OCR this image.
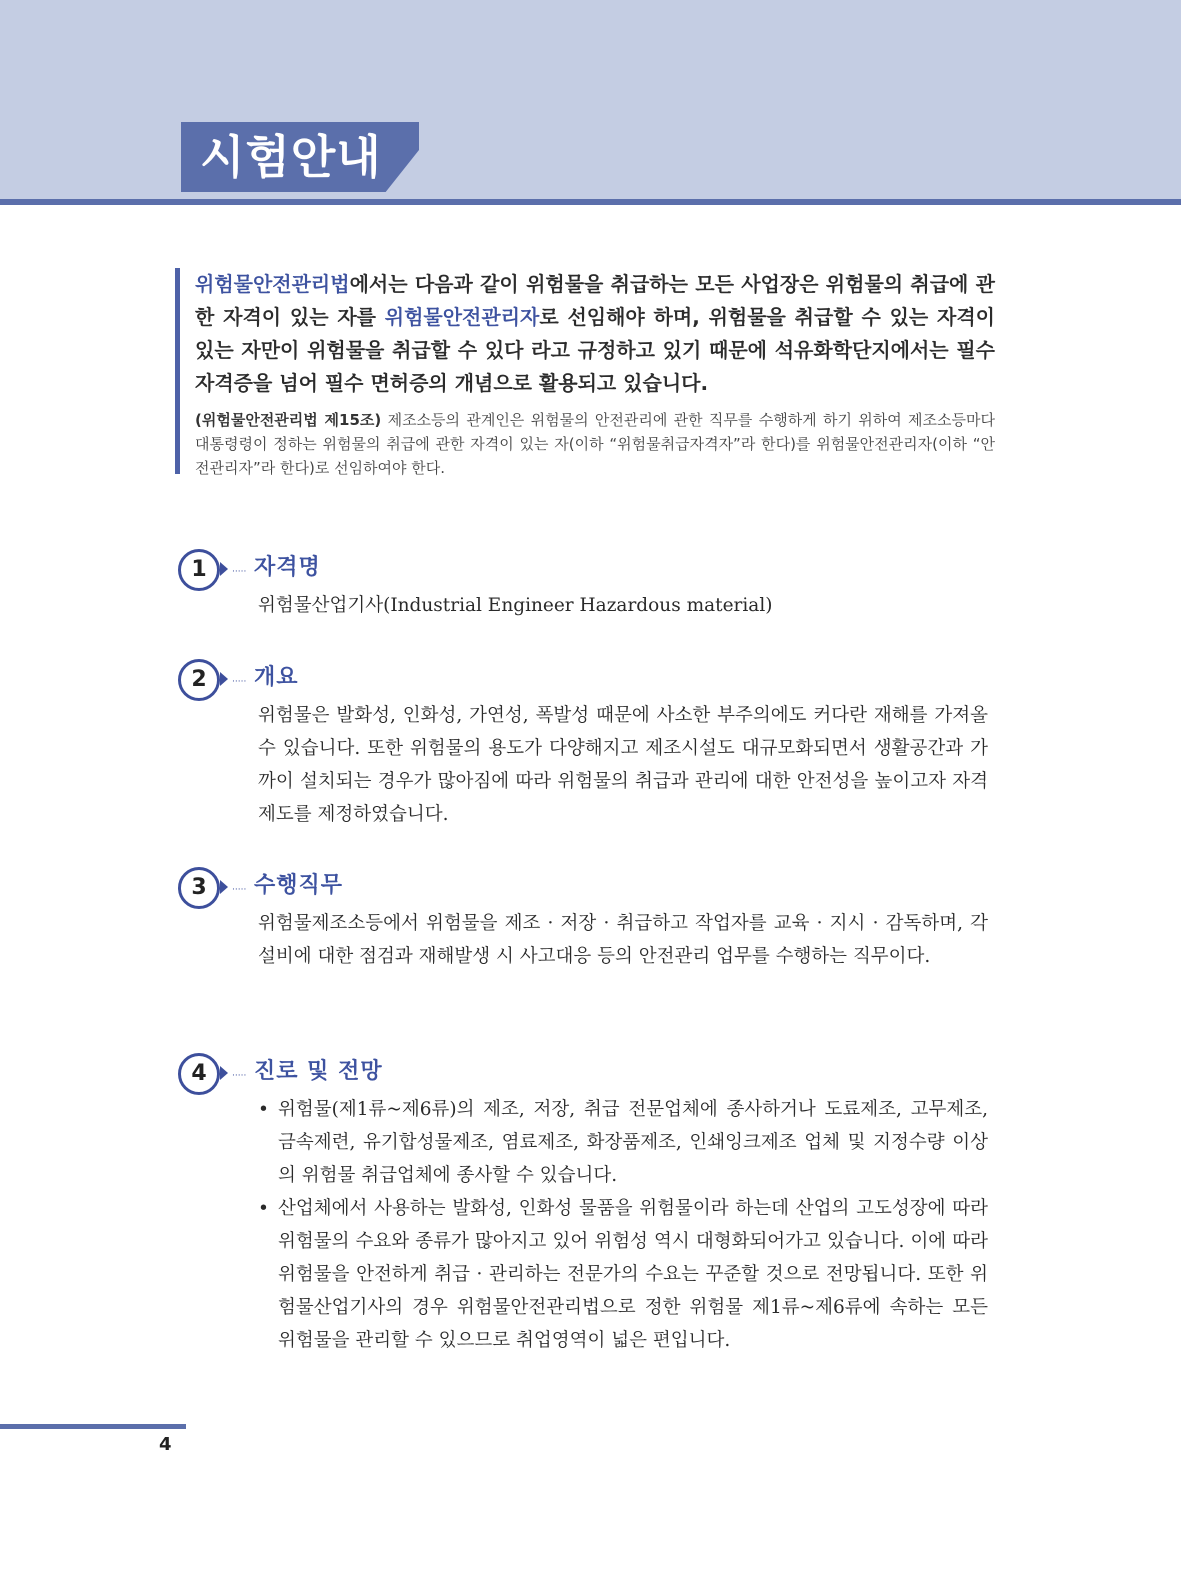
시험안내
위험물안전관리법에서는 다음과 같이 위험물을 취급하는 모든 사업장은 위험물의 취급에 관한 자격이 있는 자를 위험물안전관리자로 선임해야 하며, 위험물을 취급할 수 있는 자격이 있는 자만이 위험물을 취급할 수 있다 라고 규정하고 있기 때문에 석유화학단지에서는 필수 자격증을 넘어 필수 면허증의 개념으로 활용되고 있습니다.
(위험물안전관리법 제15조) 제조소등의 관계인은 위험물의 안전관리에 관한 직무를 수행하게 하기 위하여 제조소등마다 대통령령이 정하는 위험물의 취급에 관한 자격이 있는 자(이하 “위험물취급자격자”라 한다)를 위험물안전관리자(이하 “안전관리자”라 한다)로 선임하여야 한다.
1	····· 자격명
위험물산업기사(Industrial Engineer Hazardous material)
2	····· 개요
위험물은 발화성, 인화성, 가연성, 폭발성 때문에 사소한 부주의에도 커다란 재해를 가져올 수 있습니다. 또한 위험물의 용도가 다양해지고 제조시설도 대규모화되면서 생활공간과 가까이 설치되는 경우가 많아짐에 따라 위험물의 취급과 관리에 대한 안전성을 높이고자 자격제도를 제정하였습니다.
3	····· 수행직무
위험물제조소등에서 위험물을 제조 · 저장 · 취급하고 작업자를 교육 · 지시 · 감독하며, 각 설비에 대한 점검과 재해발생 시 사고대응 등의 안전관리 업무를 수행하는 직무이다.
4	····· 진로 및 전망
• 위험물(제1류~제6류)의 제조, 저장, 취급 전문업체에 종사하거나 도료제조, 고무제조, 금속제련, 유기합성물제조, 염료제조, 화장품제조, 인쇄잉크제조 업체 및 지정수량 이상의 위험물 취급업체에 종사할 수 있습니다.
• 산업체에서 사용하는 발화성, 인화성 물품을 위험물이라 하는데 산업의 고도성장에 따라 위험물의 수요와 종류가 많아지고 있어 위험성 역시 대형화되어가고 있습니다. 이에 따라 위험물을 안전하게 취급 · 관리하는 전문가의 수요는 꾸준할 것으로 전망됩니다. 또한 위험물산업기사의 경우 위험물안전관리법으로 정한 위험물 제1류~제6류에 속하는 모든 위험물을 관리할 수 있으므로 취업영역이 넓은 편입니다.
4
